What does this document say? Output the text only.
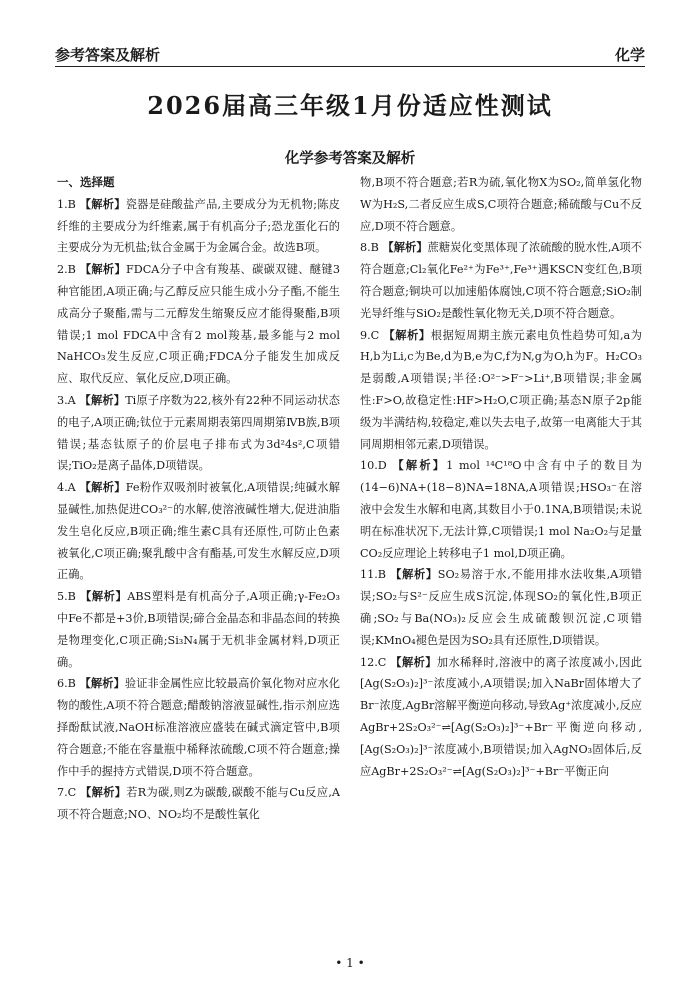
参考答案及解析	化学
2026届高三年级1月份适应性测试
化学参考答案及解析
一、选择题

1.B 【解析】瓷器是硅酸盐产品,主要成分为无机物;陈皮纤维的主要成分为纤维素,属于有机高分子;恐龙蛋化石的主要成分为无机盐;钛合金属于为金属合金。故选B项。

2.B 【解析】FDCA分子中含有羧基、碳碳双键、醚键3种官能团,A项正确;与乙醇反应只能生成小分子酯,不能生成高分子聚酯,需与二元醇发生缩聚反应才能得聚酯,B项错误;1 mol FDCA中含有2 mol羧基,最多能与2 mol NaHCO₃发生反应,C项正确;FDCA分子能发生加成反应、取代反应、氧化反应,D项正确。

3.A 【解析】Ti原子序数为22,核外有22种不同运动状态的电子,A项正确;钛位于元素周期表第四周期第ⅣB族,B项错误;基态钛原子的价层电子排布式为3d²4s²,C项错误;TiO₂是离子晶体,D项错误。

4.A 【解析】Fe粉作双吸剂时被氧化,A项错误;纯碱水解显碱性,加热促进CO₃²⁻的水解,使溶液碱性增大,促进油脂发生皂化反应,B项正确;维生素C具有还原性,可防止色素被氧化,C项正确;聚乳酸中含有酯基,可发生水解反应,D项正确。

5.B 【解析】ABS塑料是有机高分子,A项正确;γ-Fe₂O₃中Fe不都是+3价,B项错误;碲合金晶态和非晶态间的转换是物理变化,C项正确;Si₃N₄属于无机非金属材料,D项正确。

6.B 【解析】验证非金属性应比较最高价氧化物对应水化物的酸性,A项不符合题意;醋酸钠溶液显碱性,指示剂应选择酚酞试液,NaOH标准溶液应盛装在碱式滴定管中,B项符合题意;不能在容量瓶中稀释浓硫酸,C项不符合题意;操作中手的握持方式错误,D项不符合题意。

7.C 【解析】若R为碳,则Z为碳酸,碳酸不能与Cu反应,A项不符合题意;NO、NO₂均不是酸性氧化

物,B项不符合题意;若R为硫,氧化物X为SO₂,简单氢化物W为H₂S,二者反应生成S,C项符合题意;稀硫酸与Cu不反应,D项不符合题意。

8.B 【解析】蔗糖炭化变黑体现了浓硫酸的脱水性,A项不符合题意;Cl₂氧化Fe²⁺为Fe³⁺,Fe³⁺遇KSCN变红色,B项符合题意;铜块可以加速船体腐蚀,C项不符合题意;SiO₂制光导纤维与SiO₂是酸性氧化物无关,D项不符合题意。

9.C 【解析】根据短周期主族元素电负性趋势可知,a为H,b为Li,c为Be,d为B,e为C,f为N,g为O,h为F。H₂CO₃是弱酸,A项错误;半径:O²⁻>F⁻>Li⁺,B项错误;非金属性:F>O,故稳定性:HF>H₂O,C项正确;基态N原子2p能级为半满结构,较稳定,难以失去电子,故第一电离能大于其同周期相邻元素,D项错误。

10.D 【解析】1 mol ¹⁴C¹⁸O中含有中子的数目为(14−6)NA+(18−8)NA=18NA,A项错误;HSO₃⁻在溶液中会发生水解和电离,其数目小于0.1NA,B项错误;未说明在标准状况下,无法计算,C项错误;1 mol Na₂O₂与足量CO₂反应理论上转移电子1 mol,D项正确。

11.B 【解析】SO₂易溶于水,不能用排水法收集,A项错误;SO₂与S²⁻反应生成S沉淀,体现SO₂的氧化性,B项正确;SO₂与Ba(NO₃)₂反应会生成硫酸钡沉淀,C项错误;KMnO₄褪色是因为SO₂具有还原性,D项错误。

12.C 【解析】加水稀释时,溶液中的离子浓度减小,因此[Ag(S₂O₃)₂]³⁻浓度减小,A项错误;加入NaBr固体增大了Br⁻浓度,AgBr溶解平衡逆向移动,导致Ag⁺浓度减小,反应AgBr+2S₂O₃²⁻⇌[Ag(S₂O₃)₂]³⁻+Br⁻平衡逆向移动,[Ag(S₂O₃)₂]³⁻浓度减小,B项错误;加入AgNO₃固体后,反应AgBr+2S₂O₃²⁻⇌[Ag(S₂O₃)₂]³⁻+Br⁻平衡正向

• 1 •
